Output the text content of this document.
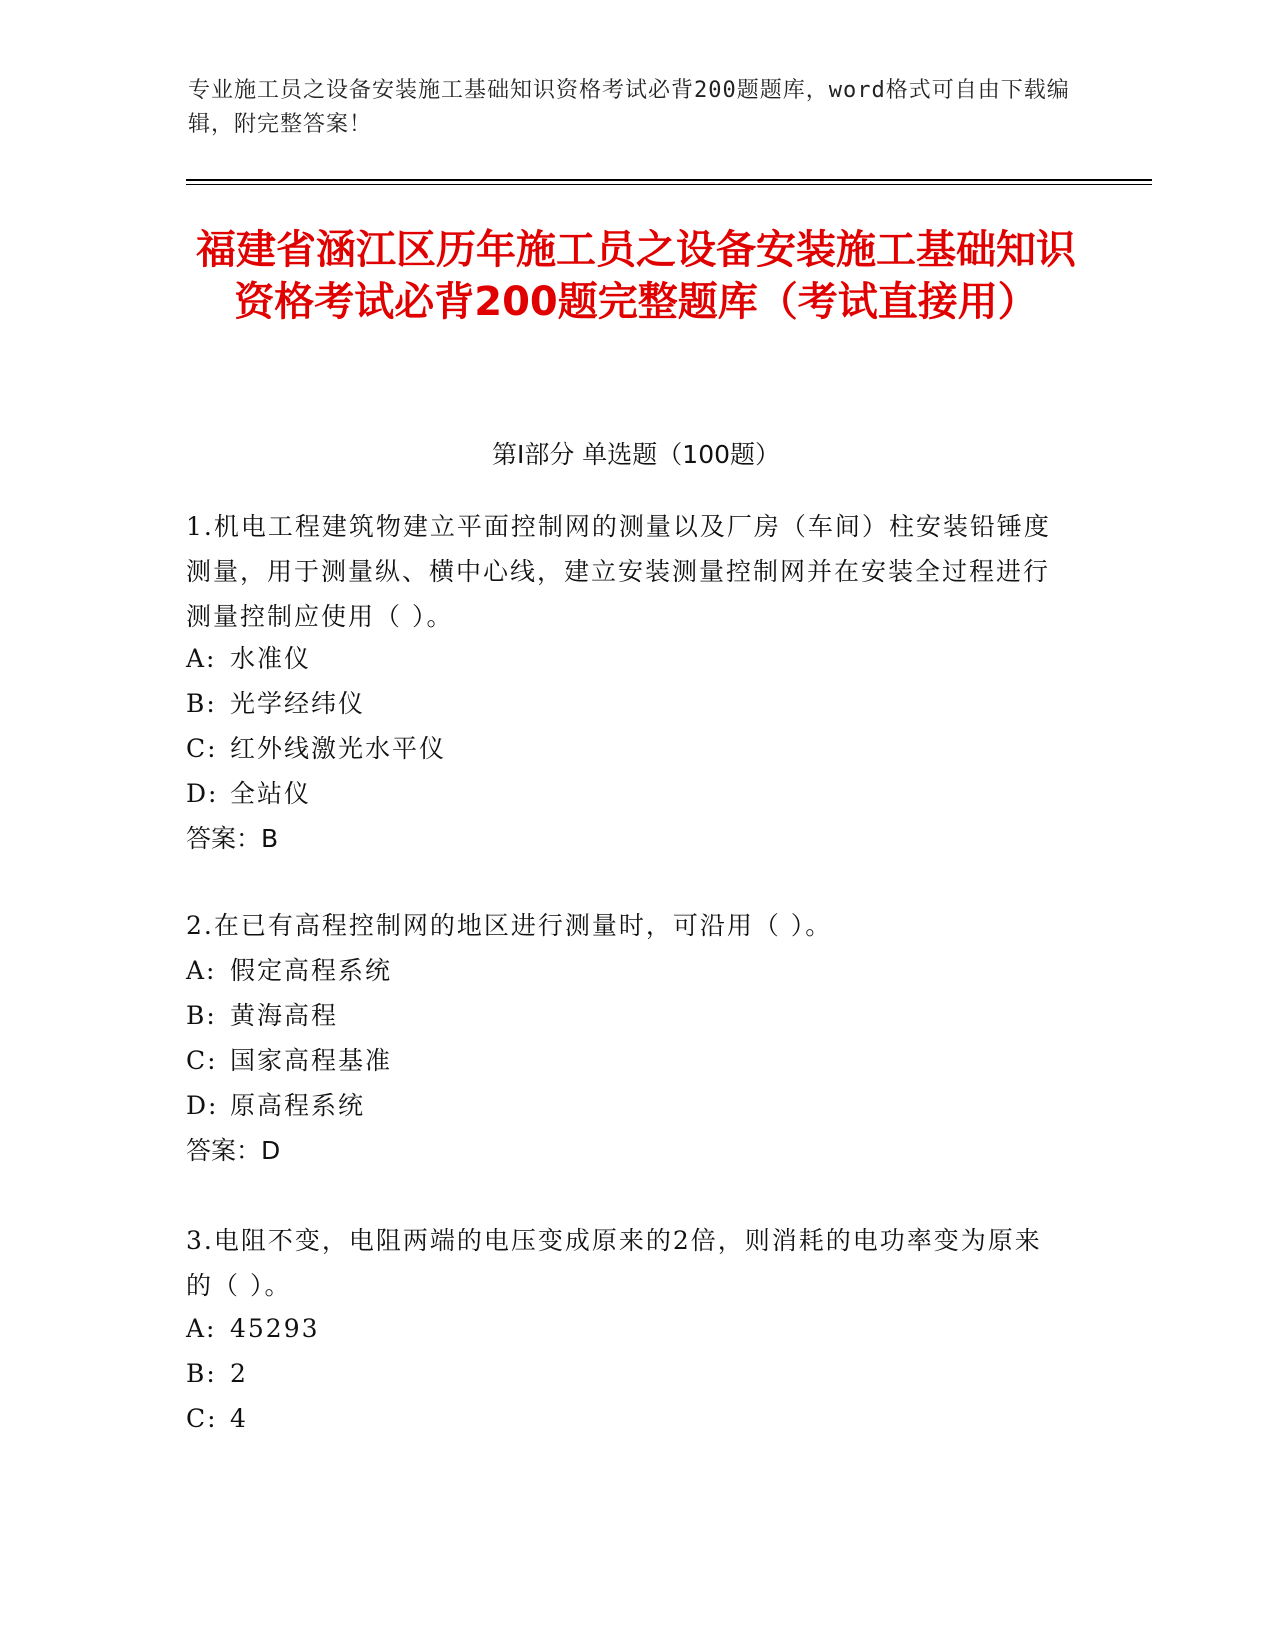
专业施工员之设备安装施工基础知识资格考试必背200题题库，word格式可自由下载编辑，附完整答案！
福建省涵江区历年施工员之设备安装施工基础知识资格考试必背200题完整题库（考试直接用）
第I部分 单选题（100题）
1.机电工程建筑物建立平面控制网的测量以及厂房（车间）柱安装铅锤度测量，用于测量纵、横中心线，建立安装测量控制网并在安装全过程进行测量控制应使用（ ）。
A: 水准仪
B: 光学经纬仪
C: 红外线激光水平仪
D: 全站仪
答案：B
2.在已有高程控制网的地区进行测量时，可沿用（ ）。
A: 假定高程系统
B: 黄海高程
C: 国家高程基准
D: 原高程系统
答案：D
3.电阻不变，电阻两端的电压变成原来的2倍，则消耗的电功率变为原来的（ ）。
A: 45293
B: 2
C: 4
